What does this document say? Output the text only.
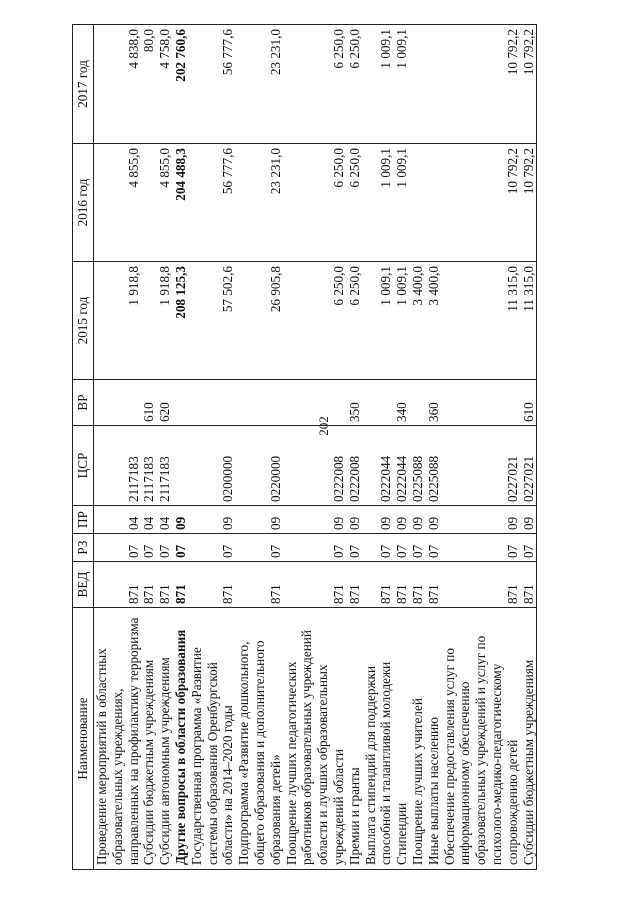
202
Наименование	ВЕД	РЗ	ПР	ЦСР	ВР	2015 год	2016 год	2017 год
Проведение мероприятий в областных образовательных учреждениях, направленных на профилактику терроризма	871	07	04	2117183		1 918,8	4 855,0	4 838,0
Субсидии бюджетным учреждениям	871	07	04	2117183	610			80,0
Субсидии автономным учреждениям	871	07	04	2117183	620	1 918,8	4 855,0	4 758,0
Другие вопросы в области образования	871	07	09			208 125,3	204 488,3	202 760,6
Государственная программа «Развитие системы образования Оренбургской области» на 2014–2020 годы	871	07	09	0200000		57 502,6	56 777,6	56 777,6
Подпрограмма «Развитие дошкольного, общего образования и дополнительного образования детей»	871	07	09	0220000		26 905,8	23 231,0	23 231,0
Поощрение лучших педагогических работников образовательных учреждений области и лучших образовательных учреждений области	871	07	09	0222008		6 250,0	6 250,0	6 250,0
Премии и гранты	871	07	09	0222008	350	6 250,0	6 250,0	6 250,0
Выплата стипендий для поддержки способной и талантливой молодежи	871	07	09	0222044		1 009,1	1 009,1	1 009,1
Стипендии	871	07	09	0222044	340	1 009,1	1 009,1	1 009,1
Поощрение лучших учителей	871	07	09	0225088		3 400,0		
Иные выплаты населению	871	07	09	0225088	360	3 400,0		
Обеспечение предоставления услуг по информационному обеспечению образовательных учреждений и услуг по психолого-медико-педагогическому сопровождению детей	871	07	09	0227021		11 315,0	10 792,2	10 792,2
Субсидии бюджетным учреждениям	871	07	09	0227021	610	11 315,0	10 792,2	10 792,2
